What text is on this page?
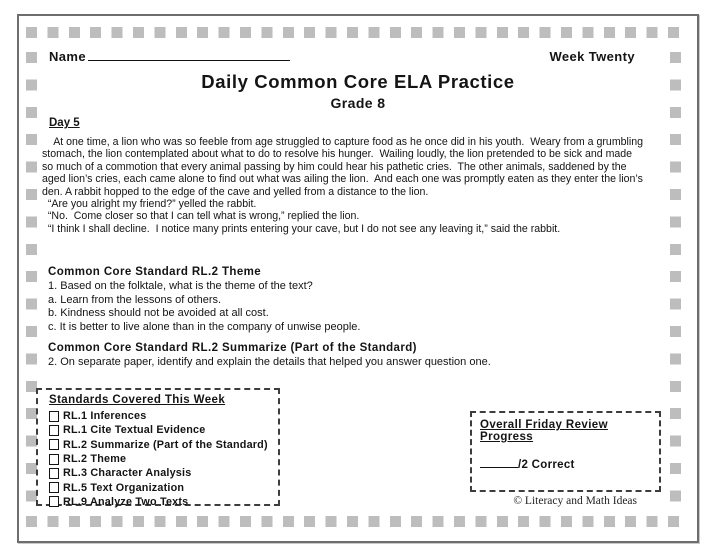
Name	Week Twenty
Daily Common Core ELA Practice
Grade 8
Day 5
At one time, a lion who was so feeble from age struggled to capture food as he once did in his youth.  Weary from a grumbling
stomach, the lion contemplated about what to do to resolve his hunger.  Wailing loudly, the lion pretended to be sick and made
so much of a commotion that every animal passing by him could hear his pathetic cries.  The other animals, saddened by the
aged lion’s cries, each came alone to find out what was ailing the lion.  And each one was promptly eaten as they enter the lion’s
den. A rabbit hopped to the edge of the cave and yelled from a distance to the lion.
“Are you alright my friend?” yelled the rabbit.
“No.  Come closer so that I can tell what is wrong,” replied the lion.
“I think I shall decline.  I notice many prints entering your cave, but I do not see any leaving it,” said the rabbit.
Common Core Standard RL.2 Theme
1. Based on the folktale, what is the theme of the text?
a. Learn from the lessons of others.
b. Kindness should not be avoided at all cost.
c. It is better to live alone than in the company of unwise people.
Common Core Standard RL.2 Summarize (Part of the Standard)
2. On separate paper, identify and explain the details that helped you answer question one.
Standards Covered This Week
RL.1 Inferences
RL.1 Cite Textual Evidence
RL.2 Summarize (Part of the Standard)
RL.2 Theme
RL.3 Character Analysis
RL.5 Text Organization
RL.9 Analyze Two Texts
Overall Friday Review Progress
/2 Correct
© Literacy and Math Ideas
